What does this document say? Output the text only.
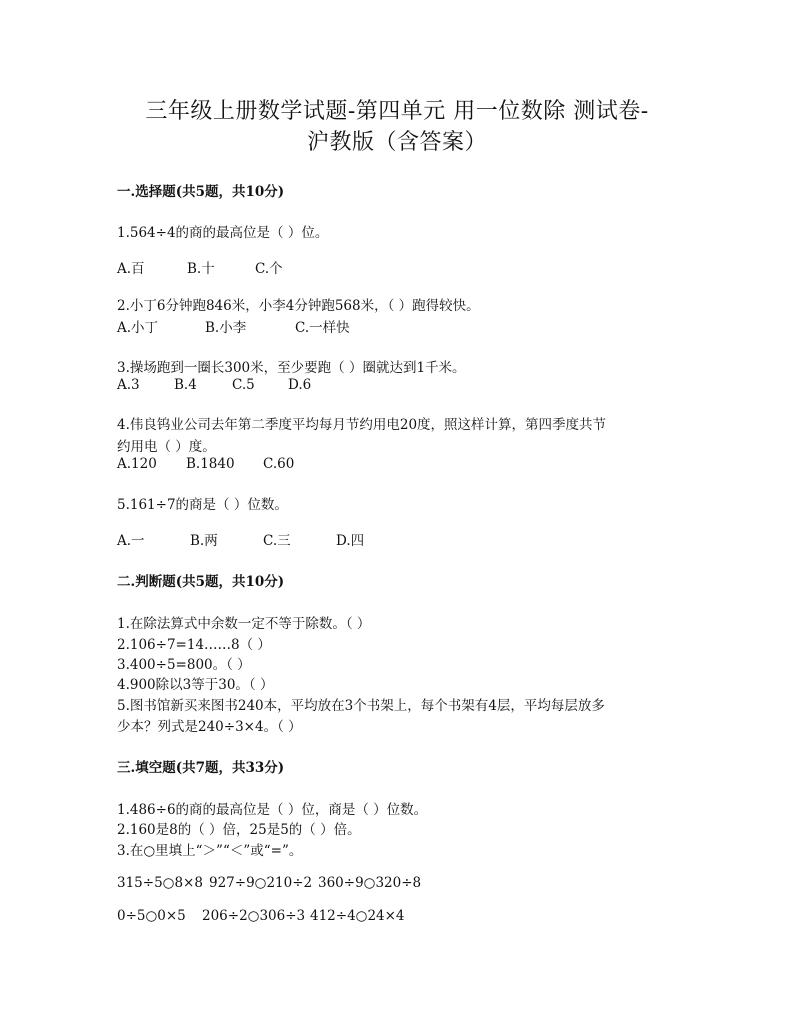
三年级上册数学试题-第四单元 用一位数除 测试卷-
沪教版（含答案）
一.选择题(共5题，共10分)
1.564÷4的商的最高位是（ ）位。
A.百	B.十	C.个
2.小丁6分钟跑846米，小李4分钟跑568米，（ ）跑得较快。
A.小丁	B.小李	C.一样快
3.操场跑到一圈长300米，至少要跑（ ）圈就达到1千米。
A.3	B.4	C.5 D.6
4.伟良钨业公司去年第二季度平均每月节约用电20度，照这样计算，第四季度共节
约用电（ ）度。
A.120 B.1840 C.60
5.161÷7的商是（ ）位数。
A.一	B.两	C.三	D.四
二.判断题(共5题，共10分)
1.在除法算式中余数一定不等于除数。（ ）
2.106÷7=14……8（ ）
3.400÷5=800。（ ）
4.900除以3等于30。（ ）
5.图书馆新买来图书240本，平均放在3个书架上，每个书架有4层，平均每层放多
少本？列式是240÷3×4。（ ）
三.填空题(共7题，共33分)
1.486÷6的商的最高位是（ ）位，商是（ ）位数。
2.160是8的（ ）倍，25是5的（ ）倍。
3.在○里填上“＞”“＜”或“=”。
315÷5○8×8 927÷9○210÷2 360÷9○320÷8
0÷5○0×5 206÷2○306÷3 412÷4○24×4
